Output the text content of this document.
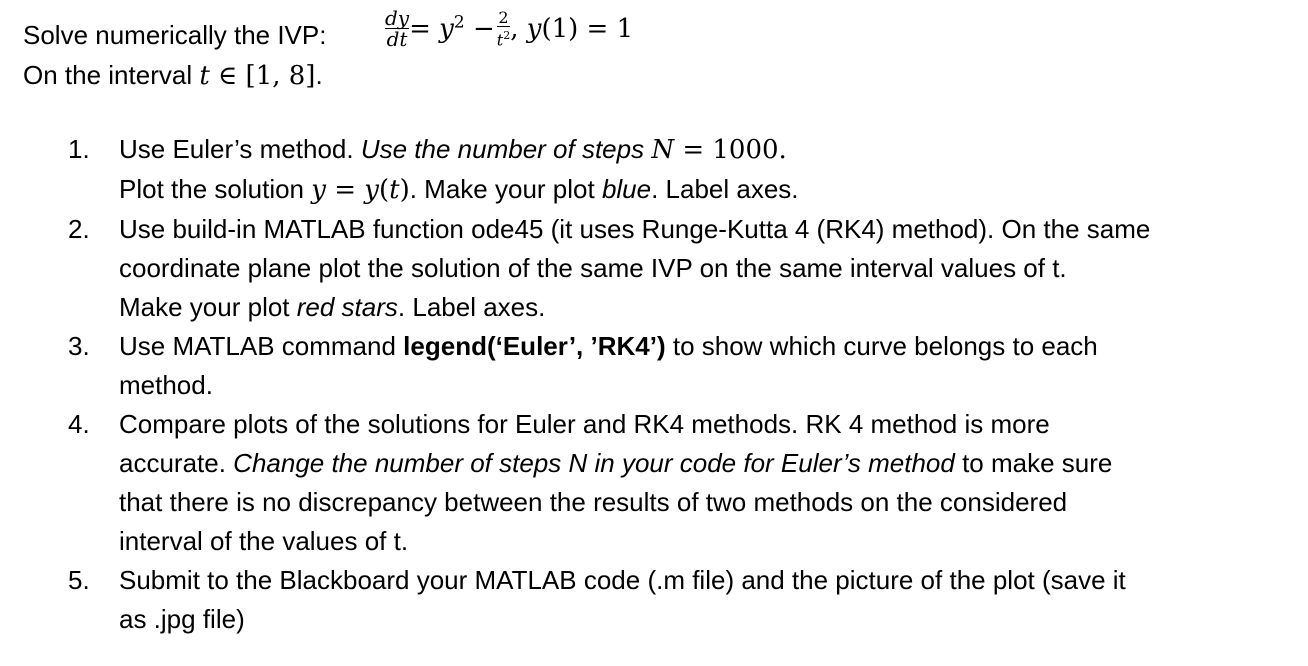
Solve numerically the IVP:	$\frac{dy}{dt} = y^2 - \frac{2}{t^2}$ , y(1) = 1
On the interval t ∈ [1, 8].
1.	Use Euler’s method. Use the number of steps N = 1000.
Plot the solution y = y(t). Make your plot blue. Label axes.
2.	Use build-in MATLAB function ode45 (it uses Runge-Kutta 4 (RK4) method). On the same
coordinate plane plot the solution of the same IVP on the same interval values of t.
Make your plot red stars. Label axes.
3.	Use MATLAB command legend(‘Euler’, ’RK4’) to show which curve belongs to each
method.
4.	Compare plots of the solutions for Euler and RK4 methods. RK 4 method is more
accurate. Change the number of steps N in your code for Euler’s method to make sure
that there is no discrepancy between the results of two methods on the considered
interval of the values of t.
5.	Submit to the Blackboard your MATLAB code (.m file) and the picture of the plot (save it
as .jpg file)
